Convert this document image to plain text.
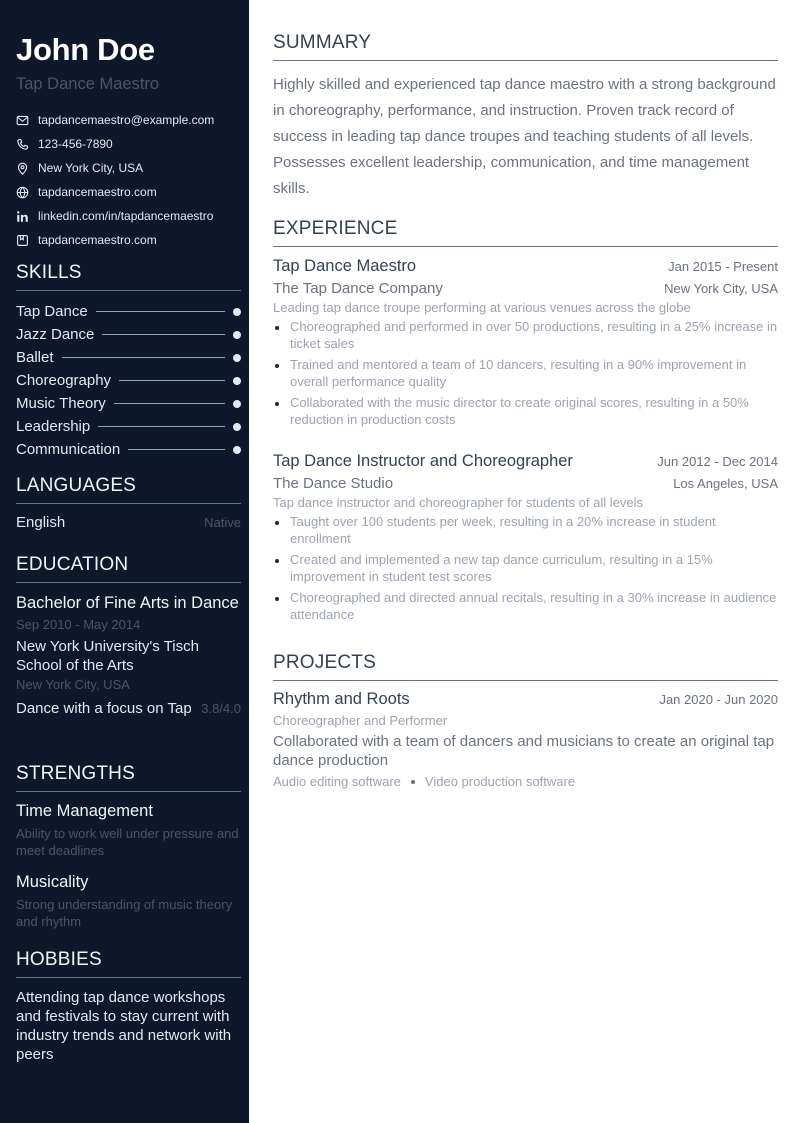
John Doe
Tap Dance Maestro
tapdancemaestro@example.com
123-456-7890
New York City, USA
tapdancemaestro.com
linkedin.com/in/tapdancemaestro
tapdancemaestro.com
SKILLS
Tap Dance
Jazz Dance
Ballet
Choreography
Music Theory
Leadership
Communication
LANGUAGES
English	Native
EDUCATION
Bachelor of Fine Arts in Dance
Sep 2010 - May 2014
New York University's Tisch School of the Arts
New York City, USA
Dance with a focus on Tap 3.8/4.0
STRENGTHS
Time Management
Ability to work well under pressure and meet deadlines
Musicality
Strong understanding of music theory and rhythm
HOBBIES
Attending tap dance workshops and festivals to stay current with industry trends and network with peers
SUMMARY
Highly skilled and experienced tap dance maestro with a strong background in choreography, performance, and instruction. Proven track record of success in leading tap dance troupes and teaching students of all levels. Possesses excellent leadership, communication, and time management skills.
EXPERIENCE
Tap Dance Maestro	Jan 2015 - Present
The Tap Dance Company	New York City, USA
Leading tap dance troupe performing at various venues across the globe
Choreographed and performed in over 50 productions, resulting in a 25% increase in ticket sales
Trained and mentored a team of 10 dancers, resulting in a 90% improvement in overall performance quality
Collaborated with the music director to create original scores, resulting in a 50% reduction in production costs
Tap Dance Instructor and Choreographer	Jun 2012 - Dec 2014
The Dance Studio	Los Angeles, USA
Tap dance instructor and choreographer for students of all levels
Taught over 100 students per week, resulting in a 20% increase in student enrollment
Created and implemented a new tap dance curriculum, resulting in a 15% improvement in student test scores
Choreographed and directed annual recitals, resulting in a 30% increase in audience attendance
PROJECTS
Rhythm and Roots	Jan 2020 - Jun 2020
Choreographer and Performer
Collaborated with a team of dancers and musicians to create an original tap dance production
Audio editing software Video production software
